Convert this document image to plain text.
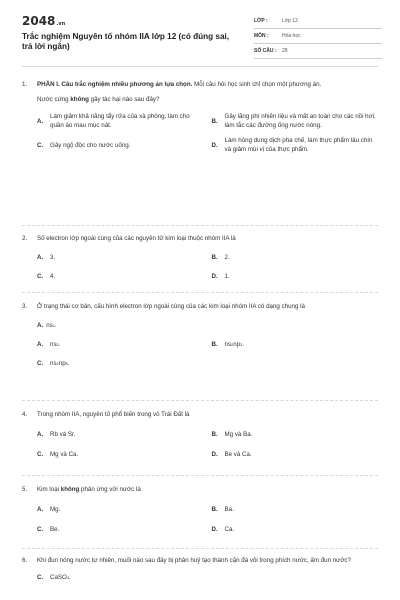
2048.vn
Trắc nghiệm Nguyên tố nhóm IIA lớp 12 (có đúng sai, trả lời ngắn)
LỚP :	Lớp 12
MÔN :	Hóa học
SỐ CÂU :	28
1.	PHẦN I. Câu trắc nghiệm nhiều phương án lựa chọn. Mỗi câu hỏi học sinh chỉ chọn một phương án.
Nước cứng không gây tác hại nào sau đây?
A.
Làm giảm khả năng tẩy rửa của xà phòng, làm cho quần áo mau mục nát.
B.
Gây lãng phí nhiên liệu và mất an toàn cho các nồi hơi, làm tắc các đường ống nước nóng.
C.	Gây ngộ độc cho nước uống.	D.
Làm hỏng dung dịch pha chế, làm thực phẩm lâu chín và giảm mùi vị của thực phẩm.
2.	Số electron lớp ngoài cùng của các nguyên tử kim loại thuộc nhóm IIA là
A.	3.	B.	2.
C.	4.	D.	1.
3.	Ở trạng thái cơ bản, cấu hình electron lớp ngoài cùng của các kim loại nhóm IIA có dạng chung là
A. ns 1 .
A.	ns 2 .	B.	ns 2 np 3 .
C.	ns 2 np 5 .
4.	Trong nhóm IIA, nguyên tố phổ biến trong vỏ Trái Đất là
A.	Rb và Sr.	B.	Mg và Ba.
C.	Mg và Ca.	D.	Be và Ca.
5.	Kim loại không phản ứng với nước là
A.	Mg.	B.	Ba.
C.	Be.	D.	Ca.
6.	Khi đun nóng nước tự nhiên, muối nào sau đây bị phân huỷ tạo thành cặn đá vôi trong phích nước, ấm đun nước?
C.	CaSO 4 .
